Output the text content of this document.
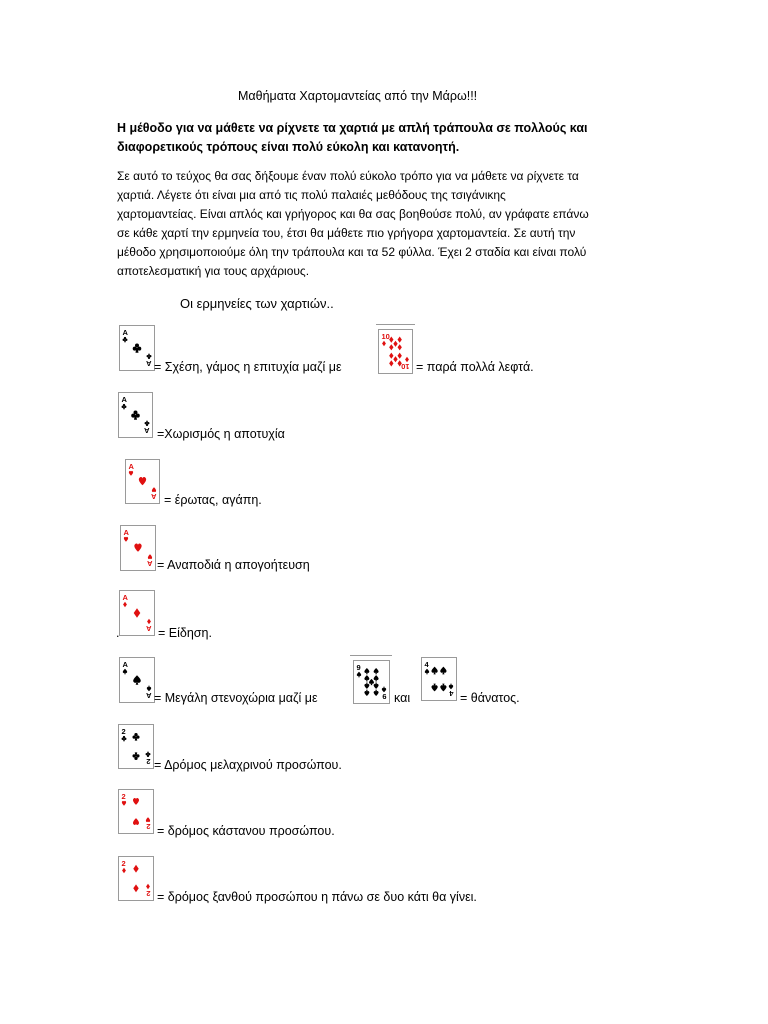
Μαθήματα Χαρτομαντείας από την Μάρω!!!
Η μέθοδο για να μάθετε να ρίχνετε τα χαρτιά με απλή τράπουλα σε πολλούς και διαφορετικούς τρόπους είναι πολύ εύκολη και κατανοητή.
Σε αυτό το τεύχος θα σας δήξουμε έναν πολύ εύκολο τρόπο για να μάθετε να ρίχνετε τα
χαρτιά. Λέγετε ότι είναι μια από τις πολύ παλαιές μεθόδους της τσιγάνικης
χαρτομαντείας. Είναι απλός και γρήγορος και θα σας βοηθούσε πολύ, αν γράφατε επάνω
σε κάθε χαρτί την ερμηνεία του, έτσι θα μάθετε πιο γρήγορα χαρτομαντεία. Σε αυτή την
μέθοδο χρησιμοποιούμε όλη την τράπουλα και τα 52 φύλλα. Έχει 2 σταδία και είναι πολύ
αποτελεσματική για τους αρχάριους.
Οι ερμηνείες των χαρτιών..
A
A
10
10
A
A
A
A
A
A
A
A
A
A
9
9
4
4
2
2
2
2
2
2
= Σχέση, γάμος η επιτυχία μαζί με	= παρά πολλά λεφτά.
=Χωρισμός η αποτυχία
= έρωτας, αγάπη.
= Αναποδιά η απογοήτευση
.	= Είδηση.
= Μεγάλη στενοχώρια μαζί με	και	= θάνατος.
= Δρόμος μελαχρινού προσώπου.
= δρόμος κάστανου προσώπου.
= δρόμος ξανθού προσώπου η πάνω σε δυο κάτι θα γίνει.
